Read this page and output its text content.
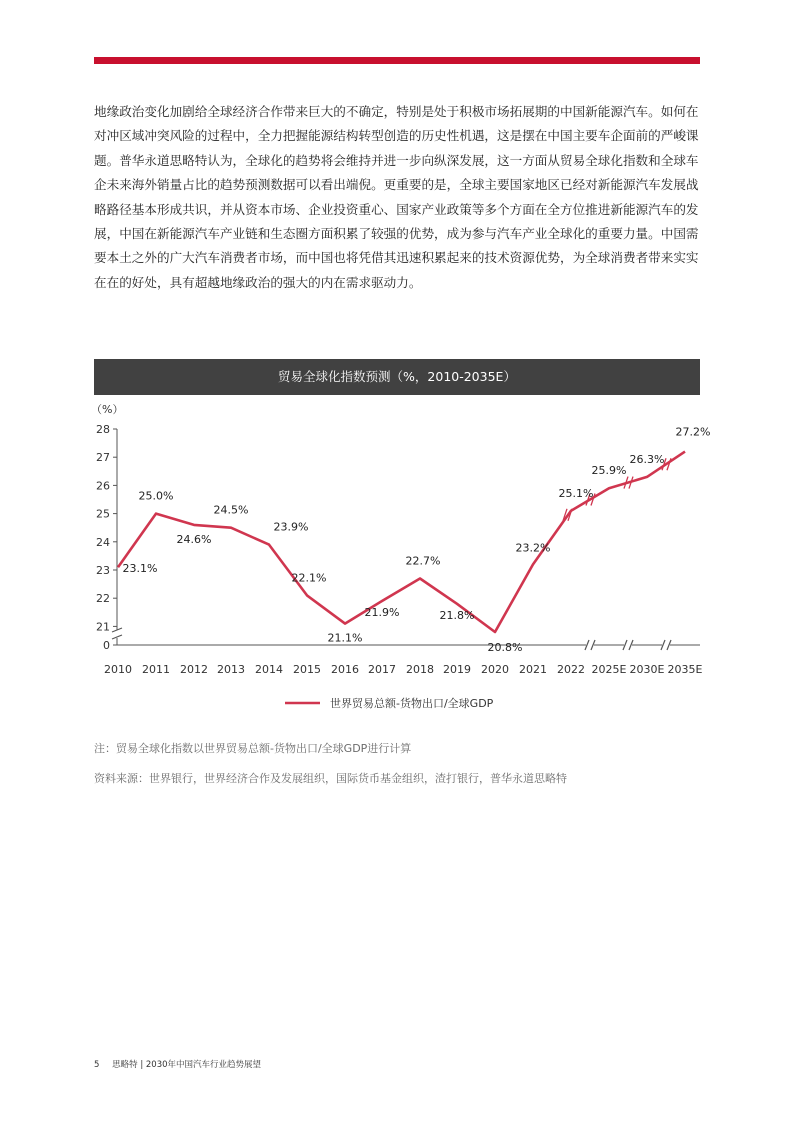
地缘政治变化加剧给全球经济合作带来巨大的不确定，特别是处于积极市场拓展期的中国新能源汽车。如何在对冲区域冲突风险的过程中，全力把握能源结构转型创造的历史性机遇，这是摆在中国主要车企面前的严峻课题。普华永道思略特认为，全球化的趋势将会维持并进一步向纵深发展，这一方面从贸易全球化指数和全球车企未来海外销量占比的趋势预测数据可以看出端倪。更重要的是，全球主要国家地区已经对新能源汽车发展战略路径基本形成共识，并从资本市场、企业投资重心、国家产业政策等多个方面在全方位推进新能源汽车的发展，中国在新能源汽车产业链和生态圈方面积累了较强的优势，成为参与汽车产业全球化的重要力量。中国需要本土之外的广大汽车消费者市场，而中国也将凭借其迅速积累起来的技术资源优势，为全球消费者带来实实在在的好处，具有超越地缘政治的强大的内在需求驱动力。

贸易全球化指数预测（%，2010-2035E）
（%）
28
27
26
25
24
23
22
21
0
2010 2011 2012 2013 2014 2015 2016 2017 2018 2019 2020 2021 2022 2025E 2030E 2035E
23.1%
25.0%
24.6%
24.5%
23.9%
22.1%
21.1%
21.9%
22.7%
21.8%
20.8%
23.2%
25.1%
25.9%
26.3%
27.2%
世界贸易总额-货物出口/全球GDP

注：贸易全球化指数以世界贸易总额-货物出口/全球GDP进行计算

资料来源：世界银行，世界经济合作及发展组织，国际货币基金组织，渣打银行，普华永道思略特

5 思略特 | 2030年中国汽车行业趋势展望
